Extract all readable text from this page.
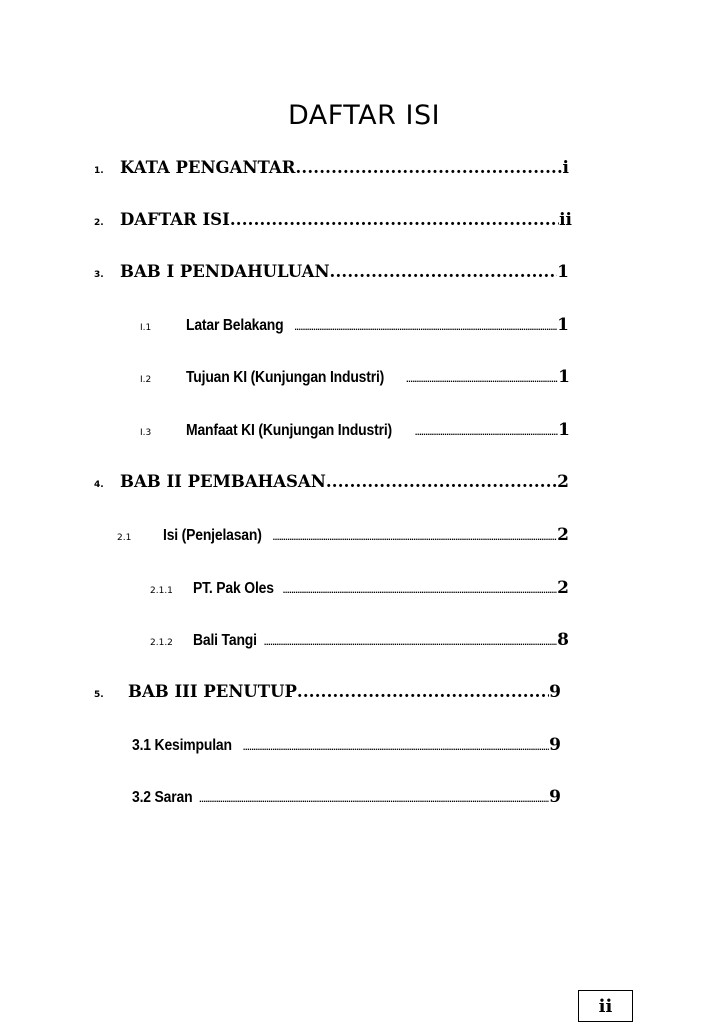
DAFTAR ISI
1. KATA PENGANTAR .....	i
2. DAFTAR ISI .....	ii
3. BAB I PENDAHULUAN .....	1
I.1	Latar Belakang .....	1
I.2	Tujuan KI (Kunjungan Industri) .....	1
I.3	Manfaat KI (Kunjungan Industri) .....	1
4. BAB II PEMBAHASAN .....	2
2.1	Isi (Penjelasan) .....	2
2.1.1	PT. Pak Oles .....	2
2.1.2	Bali Tangi .....	8
5.	BAB III PENUTUP .....	9
3.1 Kesimpulan .....	9
3.2 Saran .....	9
ii
